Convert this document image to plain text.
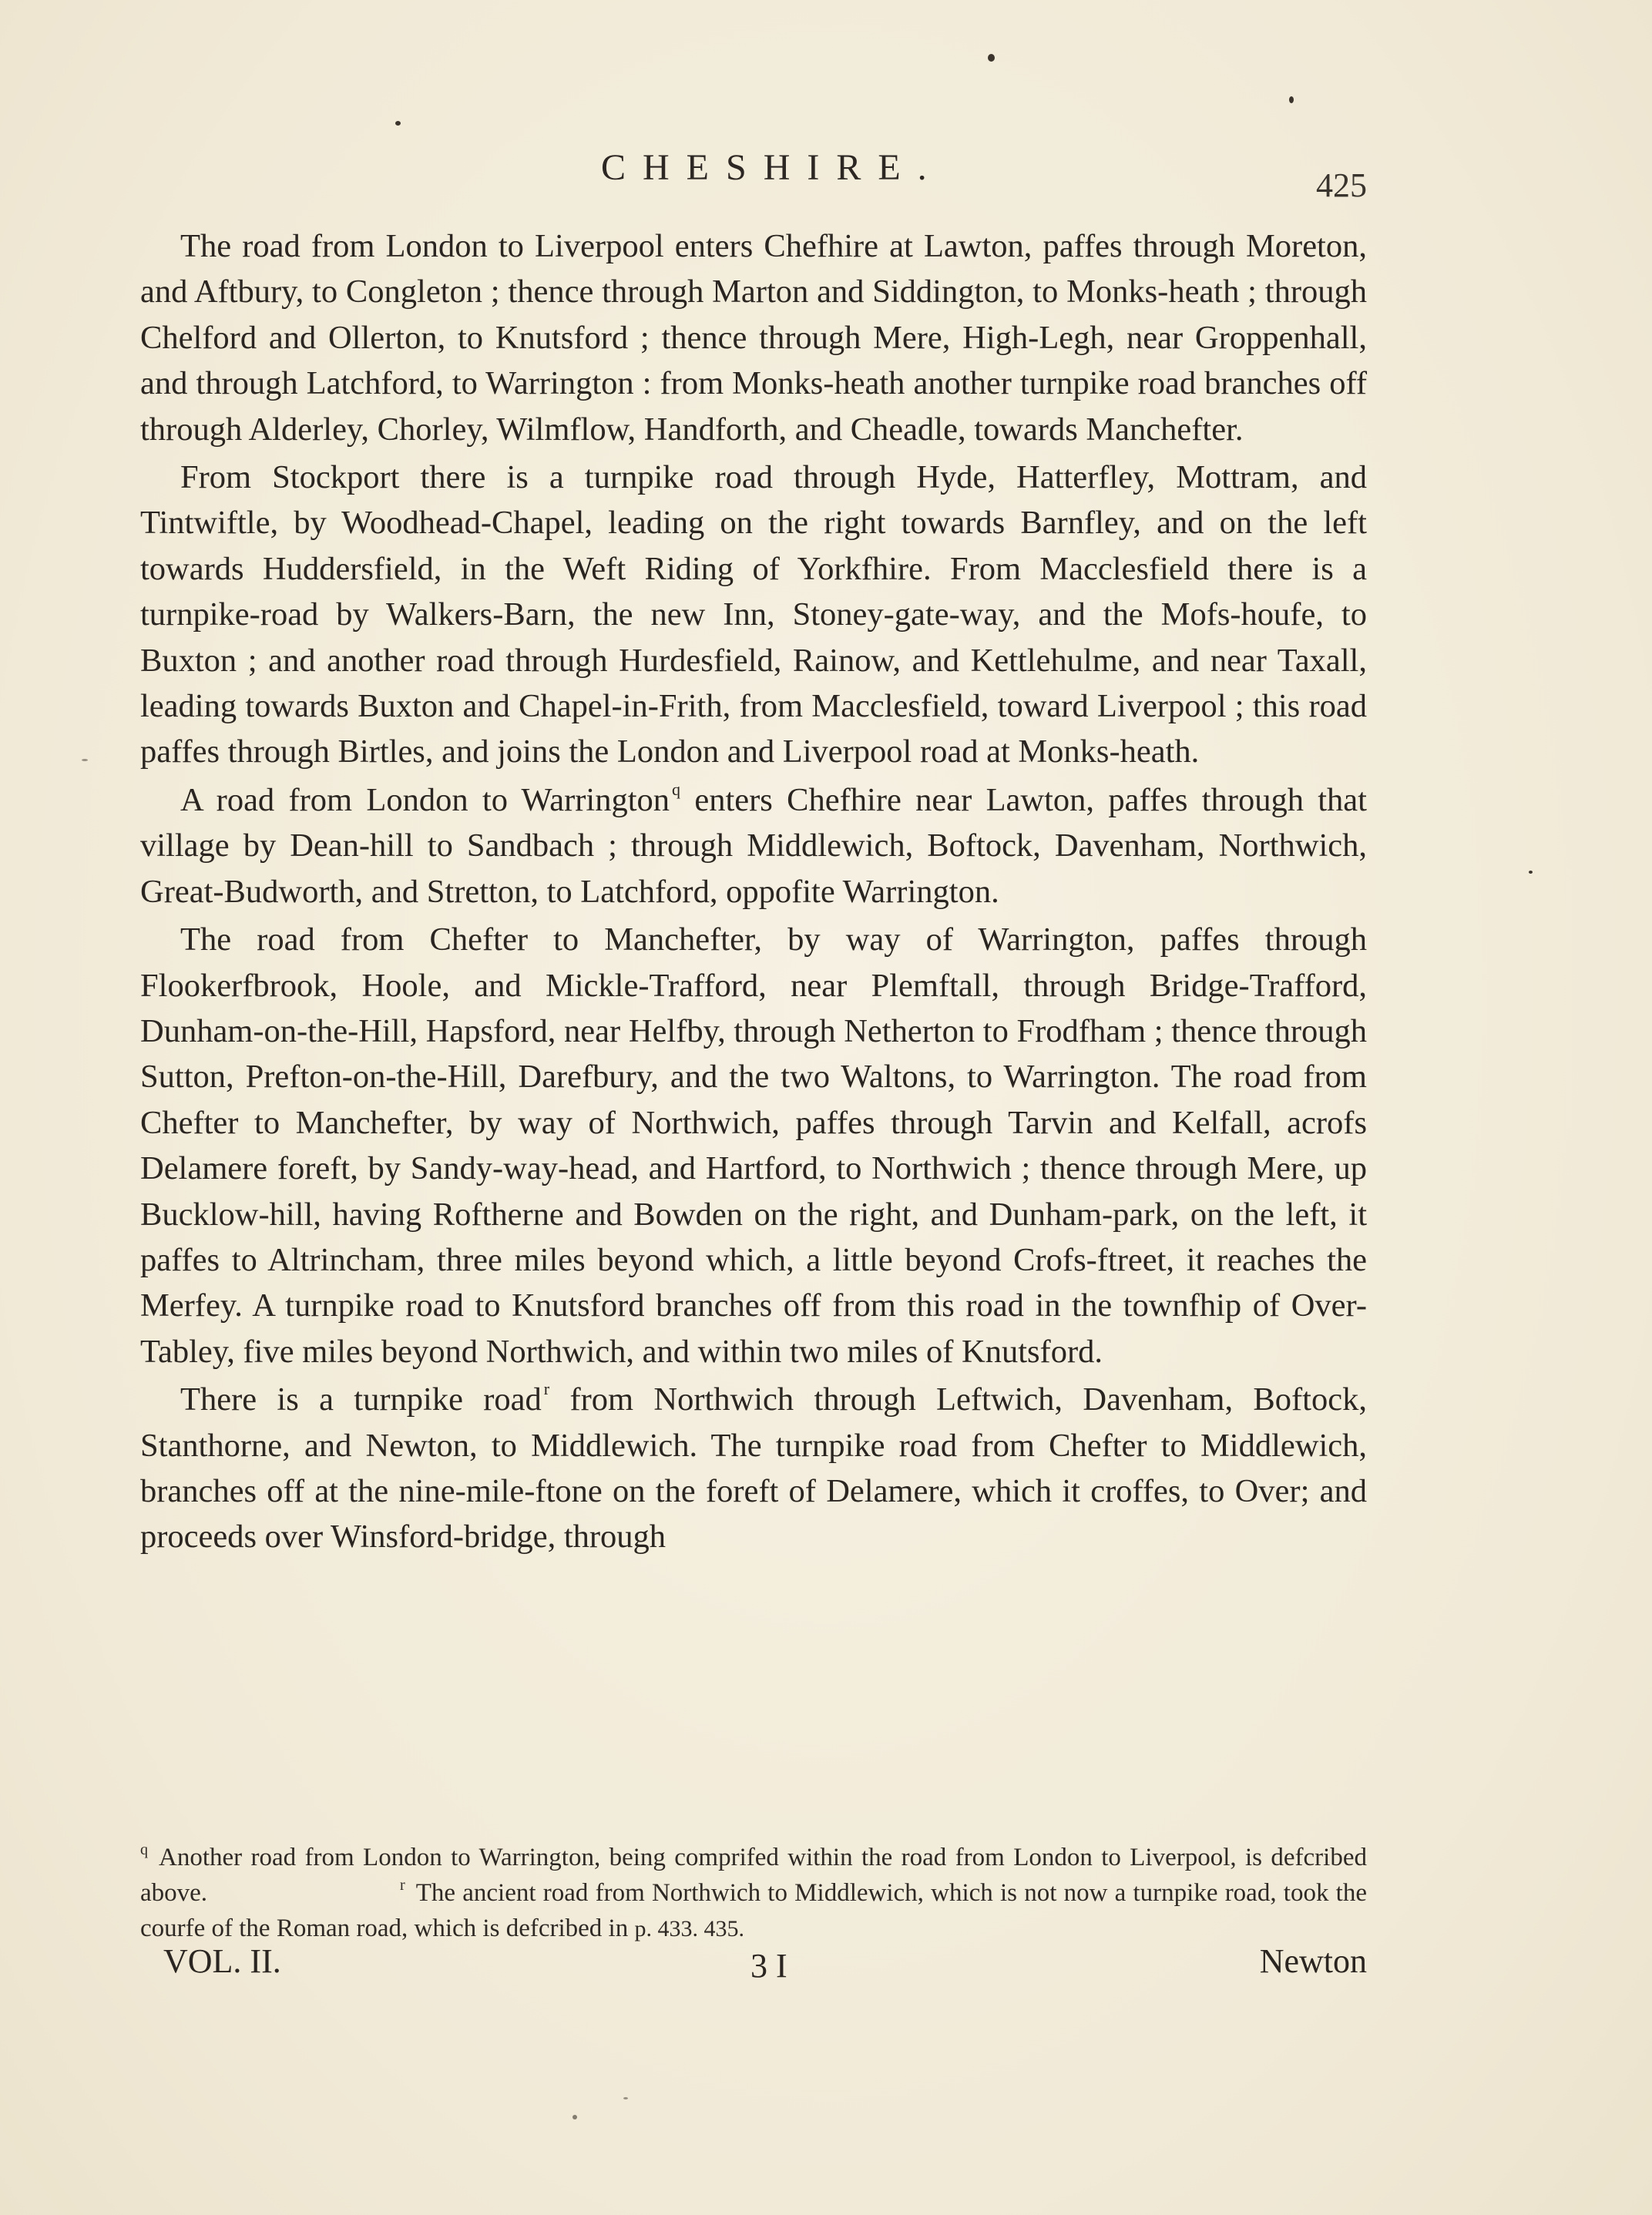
CHESHIRE.	425

The road from London to Liverpool enters Chefhire at Lawton, paffes through Moreton, and Aftbury, to Congleton ; thence through Marton and Siddington, to Monks-heath ; through Chelford and Ollerton, to Knutsford ; thence through Mere, High-Legh, near Groppenhall, and through Latchford, to Warrington : from Monks-heath another turnpike road branches off through Alderley, Chorley, Wilmflow, Handforth, and Cheadle, towards Manchefter.

From Stockport there is a turnpike road through Hyde, Hatterfley, Mottram, and Tintwiftle, by Woodhead-Chapel, leading on the right towards Barnfley, and on the left towards Huddersfield, in the Weft Riding of Yorkfhire. From Macclesfield there is a turnpike-road by Walkers-Barn, the new Inn, Stoney-gate-way, and the Mofs-houfe, to Buxton ; and another road through Hurdesfield, Rainow, and Kettlehulme, and near Taxall, leading towards Buxton and Chapel-in-Frith, from Macclesfield, toward Liverpool ; this road paffes through Birtles, and joins the London and Liverpool road at Monks-heath.

A road from London to Warrington $^q$ enters Chefhire near Lawton, paffes through that village by Dean-hill to Sandbach ; through Middlewich, Boftock, Davenham, Northwich, Great-Budworth, and Stretton, to Latchford, oppofite Warrington.

The road from Chefter to Manchefter, by way of Warrington, paffes through Flookerfbrook, Hoole, and Mickle-Trafford, near Plemftall, through Bridge-Trafford, Dunham-on-the-Hill, Hapsford, near Helfby, through Netherton to Frodfham ; thence through Sutton, Prefton-on-the-Hill, Darefbury, and the two Waltons, to Warrington. The road from Chefter to Manchefter, by way of Northwich, paffes through Tarvin and Kelfall, acrofs Delamere foreft, by Sandy-way-head, and Hartford, to Northwich ; thence through Mere, up Bucklow-hill, having Roftherne and Bowden on the right, and Dunham-park, on the left, it paffes to Altrincham, three miles beyond which, a little beyond Crofs-ftreet, it reaches the Merfey. A turnpike road to Knutsford branches off from this road in the townfhip of Over-Tabley, five miles beyond Northwich, and within two miles of Knutsford.

There is a turnpike road $^r$ from Northwich through Leftwich, Davenham, Boftock, Stanthorne, and Newton, to Middlewich. The turnpike road from Chefter to Middlewich, branches off at the nine-mile-ftone on the foreft of Delamere, which it croffes, to Over; and proceeds over Winsford-bridge, through

$^q$ Another road from London to Warrington, being comprifed within the road from London to Liverpool, is defcribed above.	$^r$ The ancient road from Northwich to Middlewich, which is not now a turnpike road, took the courfe of the Roman road, which is defcribed in p. 433. 435.

VOL. II.	3 I	Newton
